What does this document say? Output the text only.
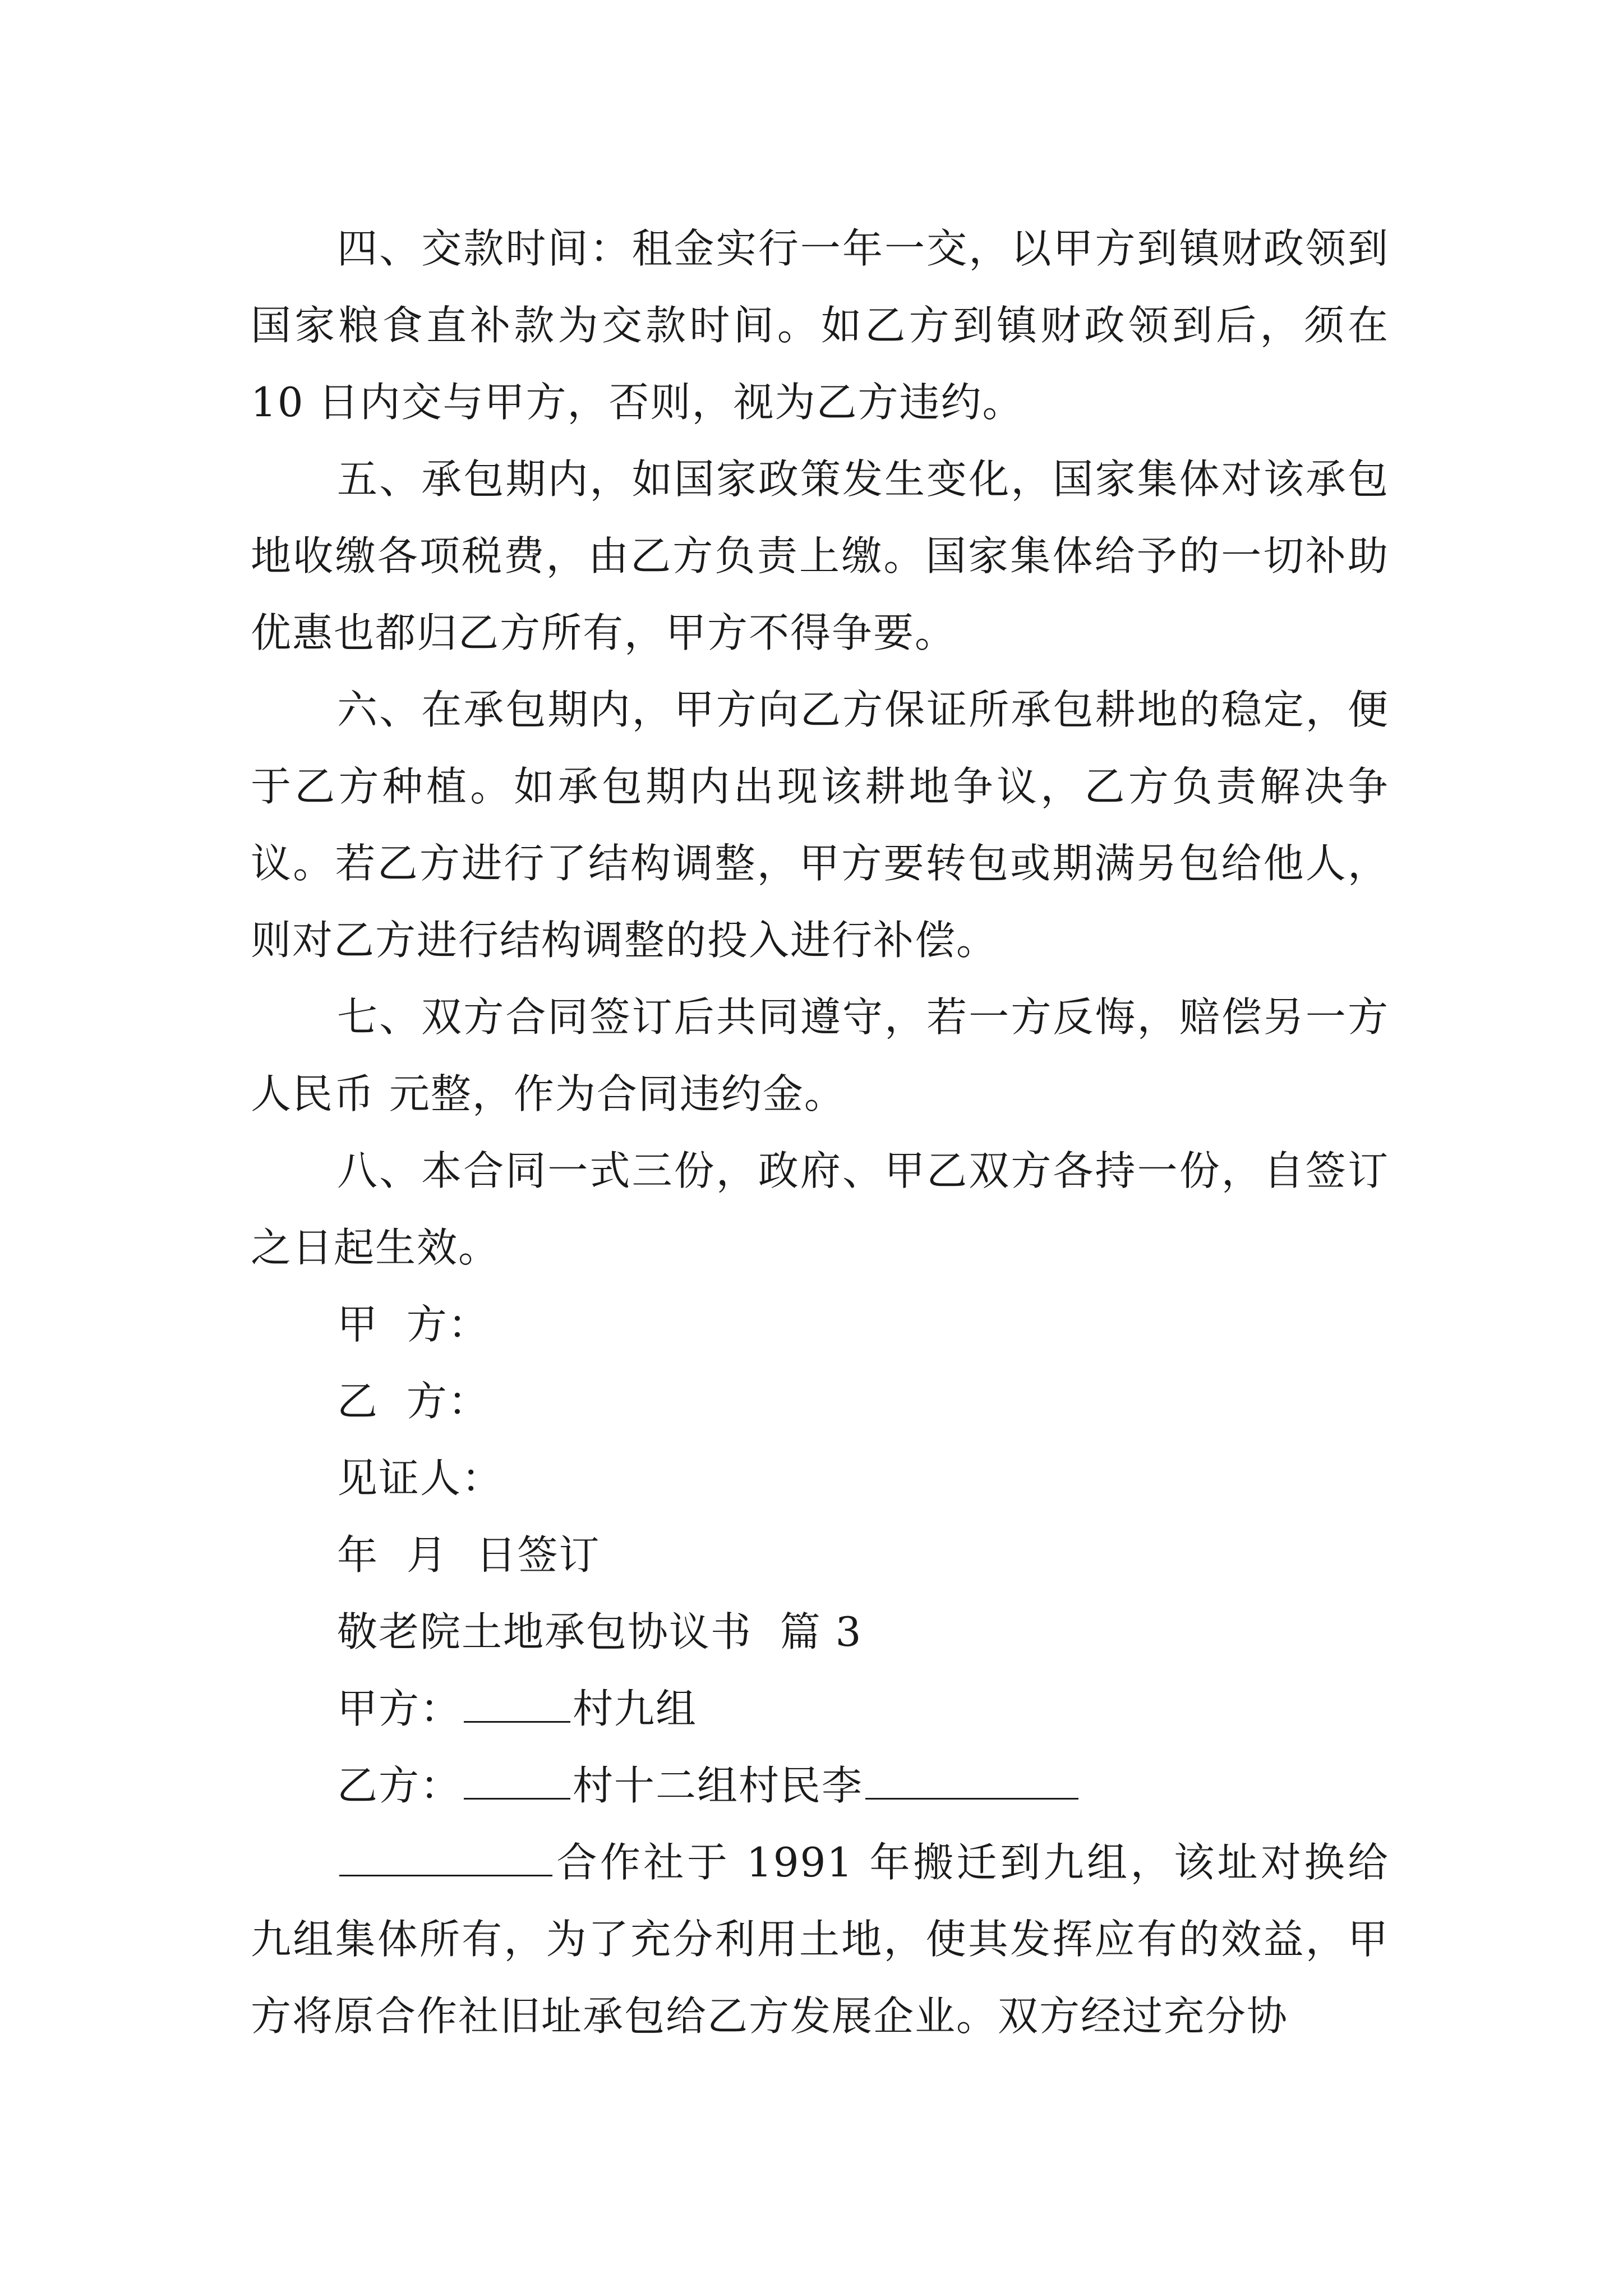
四、交款时间：租金实行一年一交，以甲方到镇财政领到国家粮食直补款为交款时间。如乙方到镇财政领到后，须在 10 日内交与甲方，否则，视为乙方违约。

五、承包期内，如国家政策发生变化，国家集体对该承包地收缴各项税费，由乙方负责上缴。国家集体给予的一切补助优惠也都归乙方所有，甲方不得争要。

六、在承包期内，甲方向乙方保证所承包耕地的稳定，便于乙方种植。如承包期内出现该耕地争议，乙方负责解决争议。若乙方进行了结构调整，甲方要转包或期满另包给他人，则对乙方进行结构调整的投入进行补偿。

七、双方合同签订后共同遵守，若一方反悔，赔偿另一方人民币 元整，作为合同违约金。

八、本合同一式三份，政府、甲乙双方各持一份，自签订之日起生效。

甲  方：

乙  方：

见证人：

年  月  日签订

敬老院土地承包协议书  篇 3

甲方：	村九组

乙方：	村十二组村民李

合作社于 1991 年搬迁到九组，该址对换给九组集体所有，为了充分利用土地，使其发挥应有的效益，甲方将原合作社旧址承包给乙方发展企业。双方经过充分协
